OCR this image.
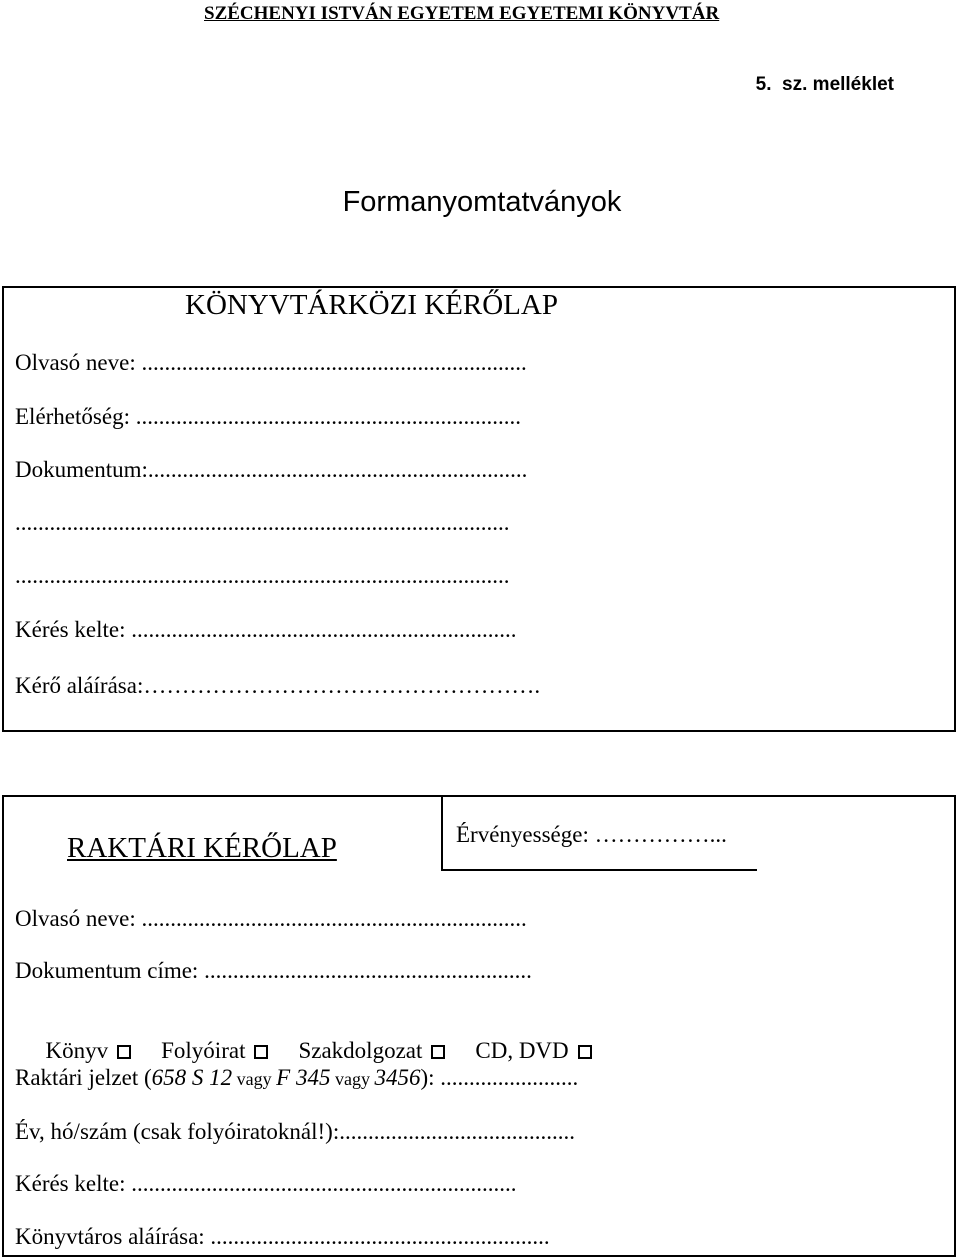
SZÉCHENYI ISTVÁN EGYETEM EGYETEMI KÖNYVTÁR
5.  sz. melléklet
Formanyomtatványok
KÖNYVTÁRKÖZI KÉRŐLAP
Olvasó neve: ...................................................................
Elérhetőség: ...................................................................
Dokumentum:..................................................................
......................................................................................
......................................................................................
Kérés kelte: ...................................................................
Kérő aláírása:…………………………………………….
RAKTÁRI KÉRŐLAP	Érvényessége: ……………...
Olvasó neve: ...................................................................
Dokumentum címe: .........................................................

Könyv Folyóirat Szakdolgozat CD, DVD

Raktári jelzet (658 S 12 vagy F 345 vagy 3456): ........................
Év, hó/szám (csak folyóiratoknál!):.........................................
Kérés kelte: ...................................................................
Könyvtáros aláírása: ...........................................................
